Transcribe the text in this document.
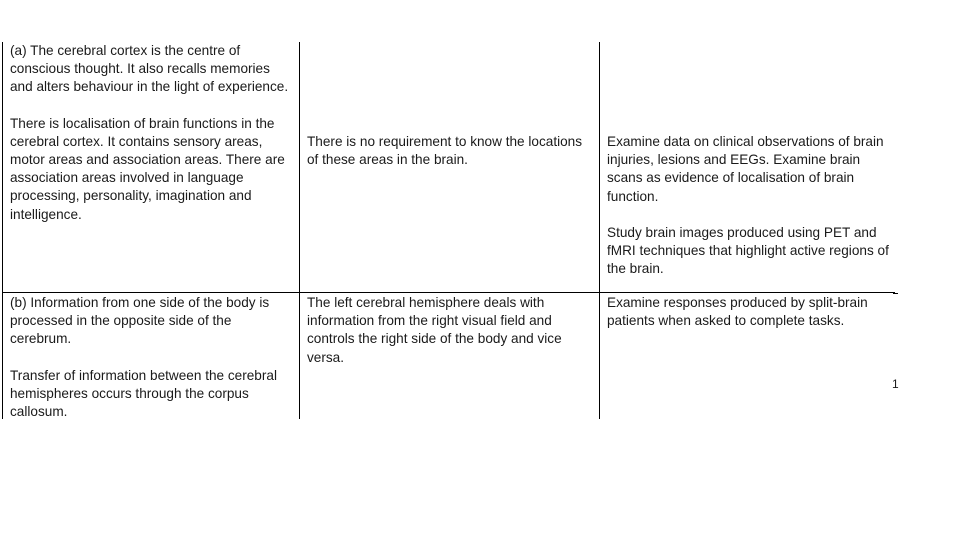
(a) The cerebral cortex is the centre of conscious thought. It also recalls memories and alters behaviour in the light of experience.

There is localisation of brain functions in the cerebral cortex. It contains sensory areas, motor areas and association areas. There are association areas involved in language processing, personality, imagination and intelligence.

There is no requirement to know the locations of these areas in the brain.

Examine data on clinical observations of brain injuries, lesions and EEGs. Examine brain scans as evidence of localisation of brain function.

Study brain images produced using PET and fMRI techniques that highlight active regions of the brain.

(b) Information from one side of the body is processed in the opposite side of the cerebrum.

Transfer of information between the cerebral hemispheres occurs through the corpus callosum.

The left cerebral hemisphere deals with information from the right visual field and controls the right side of the body and vice versa.

Examine responses produced by split-brain patients when asked to complete tasks.

1
